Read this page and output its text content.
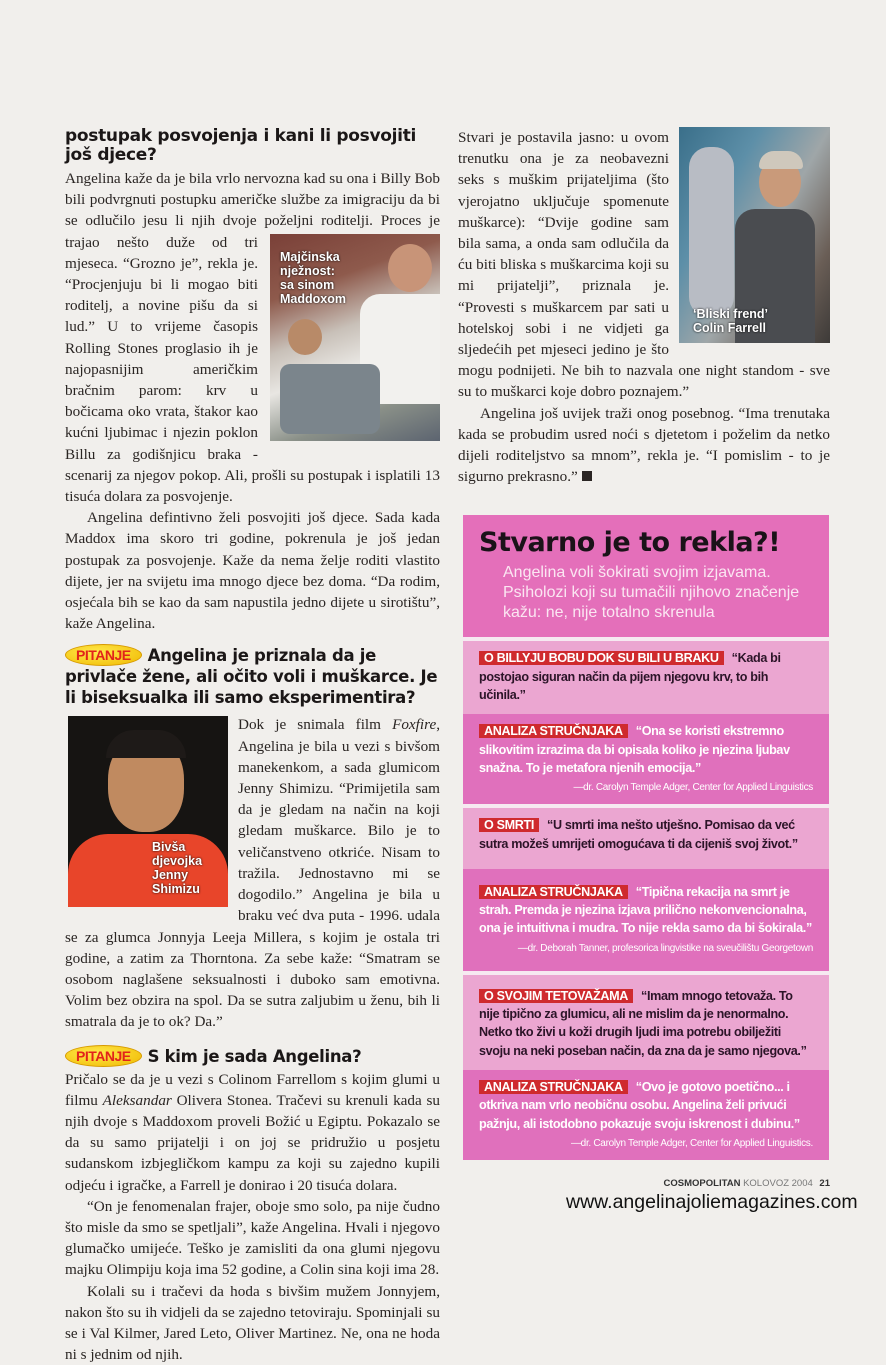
postupak posvojenja i kani li posvojiti još djece?

Majčinska
nježnost:
sa sinom
Maddoxom
Angelina kaže da je bila vrlo nervozna kad su ona i Billy Bob bili podvrgnuti postupku američke službe za imigraciju da bi se odlučilo jesu li njih dvoje poželjni roditelji. Proces je trajao nešto duže od tri mjeseca. “Grozno je”, rekla je. “Procjenjuju bi li mogao biti roditelj, a novine pišu da si lud.” U to vrijeme časopis Rolling Stones proglasio ih je najopasnijim američkim bračnim parom: krv u bočicama oko vrata, štakor kao kućni ljubimac i njezin poklon Billu za godišnjicu braka - scenarij za njegov pokop. Ali, prošli su postupak i isplatili 13 tisuća dolara za posvojenje.

Angelina defintivno želi posvojiti još djece. Sada kada Maddox ima skoro tri godine, pokrenula je još jedan postupak za posvojenje. Kaže da nema želje roditi vlastito dijete, jer na svijetu ima mnogo djece bez doma. “Da rodim, osjećala bih se kao da sam napustila jedno dijete u sirotištu”, kaže Angelina.

PITANJE Angelina je priznala da je privlače žene, ali očito voli i muškarce. Je li biseksualka ili samo eksperimentira?

Bivša
djevojka
Jenny
Shimizu
Dok je snimala film Foxfire, Angelina je bila u vezi s bivšom manekenkom, a sada glumicom Jenny Shimizu. “Primijetila sam da je gledam na način na koji gledam muškarce. Bilo je to veličanstveno otkriće. Nisam to tražila. Jednostavno mi se dogodilo.” Angelina je bila u braku već dva puta - 1996. udala se za glumca Jonnyja Leeja Millera, s kojim je ostala tri godine, a zatim za Thorntona. Za sebe kaže: “Smatram se osobom naglašene seksualnosti i duboko sam emotivna. Volim bez obzira na spol. Da se sutra zaljubim u ženu, bih li smatrala da je to ok? Da.”

PITANJE S kim je sada Angelina?

Pričalo se da je u vezi s Colinom Farrellom s kojim glumi u filmu Aleksandar Olivera Stonea. Tračevi su krenuli kada su njih dvoje s Maddoxom proveli Božić u Egiptu. Pokazalo se da su samo prijatelji i on joj se pridružio u posjetu sudanskom izbjegličkom kampu za koji su zajedno kupili odjeću i igračke, a Farrell je donirao i 20 tisuća dolara.

“On je fenomenalan frajer, oboje smo solo, pa nije čudno što misle da smo se spetljali”, kaže Angelina. Hvali i njegovo glumačko umijeće. Teško je zamisliti da ona glumi njegovu majku Olimpiju koja ima 52 godine, a Colin sina koji ima 28.

Kolali su i tračevi da hoda s bivšim mužem Jonnyjem, nakon što su ih vidjeli da se zajedno tetoviraju. Spominjali su se i Val Kilmer, Jared Leto, Oliver Martinez. Ne, ona ne hoda ni s jednim od njih.

‘Bliski frend’
Colin Farrell
Stvari je postavila jasno: u ovom trenutku ona je za neobavezni seks s muškim prijateljima (što vjerojatno uključuje spomenute muškarce): “Dvije godine sam bila sama, a onda sam odlučila da ću biti bliska s muškarcima koji su mi prijatelji”, priznala je. “Provesti s muškarcem par sati u hotelskoj sobi i ne vidjeti ga sljedećih pet mjeseci jedino je što mogu podnijeti. Ne bih to nazvala one night standom - sve su to muškarci koje dobro poznajem.”

Angelina još uvijek traži onog posebnog. “Ima trenutaka kada se probudim usred noći s djetetom i poželim da netko dijeli roditeljstvo sa mnom”, rekla je. “I pomislim - to je sigurno prekrasno.”

Stvarno je to rekla?!
Angelina voli šokirati svojim izjavama. Psiholozi koji su tumačili njihovo značenje kažu: ne, nije totalno skrenula
O BILLYJU BOBU DOK SU BILI U BRAKU “Kada bi postojao siguran način da pijem njegovu krv, to bih učinila.”
ANALIZA STRUČNJAKA “Ona se koristi ekstremno slikovitim izrazima da bi opisala koliko je njezina ljubav snažna. To je metafora njenih emocija.”
—dr. Carolyn Temple Adger, Center for Applied Linguistics
O SMRTI “U smrti ima nešto utješno. Pomisao da već sutra možeš umrijeti omogućava ti da cijeniš svoj život.”
ANALIZA STRUČNJAKA “Tipična rekacija na smrt je strah. Premda je njezina izjava prilično nekonvencionalna, ona je intuitivna i mudra. To nije rekla samo da bi šokirala.”
—dr. Deborah Tanner, profesorica lingvistike na sveučilištu Georgetown
O SVOJIM TETOVAŽAMA “Imam mnogo tetovaža. To nije tipično za glumicu, ali ne mislim da je nenormalno. Netko tko živi u koži drugih ljudi ima potrebu obilježiti svoju na neki poseban način, da zna da je samo njegova.”
ANALIZA STRUČNJAKA “Ovo je gotovo poetično... i otkriva nam vrlo neobičnu osobu. Angelina želi privući pažnju, ali istodobno pokazuje svoju iskrenost i dubinu.”
—dr. Carolyn Temple Adger, Center for Applied Linguistics.
COSMOPOLITAN KOLOVOZ 2004 21
www.angelinajoliemagazines.com
